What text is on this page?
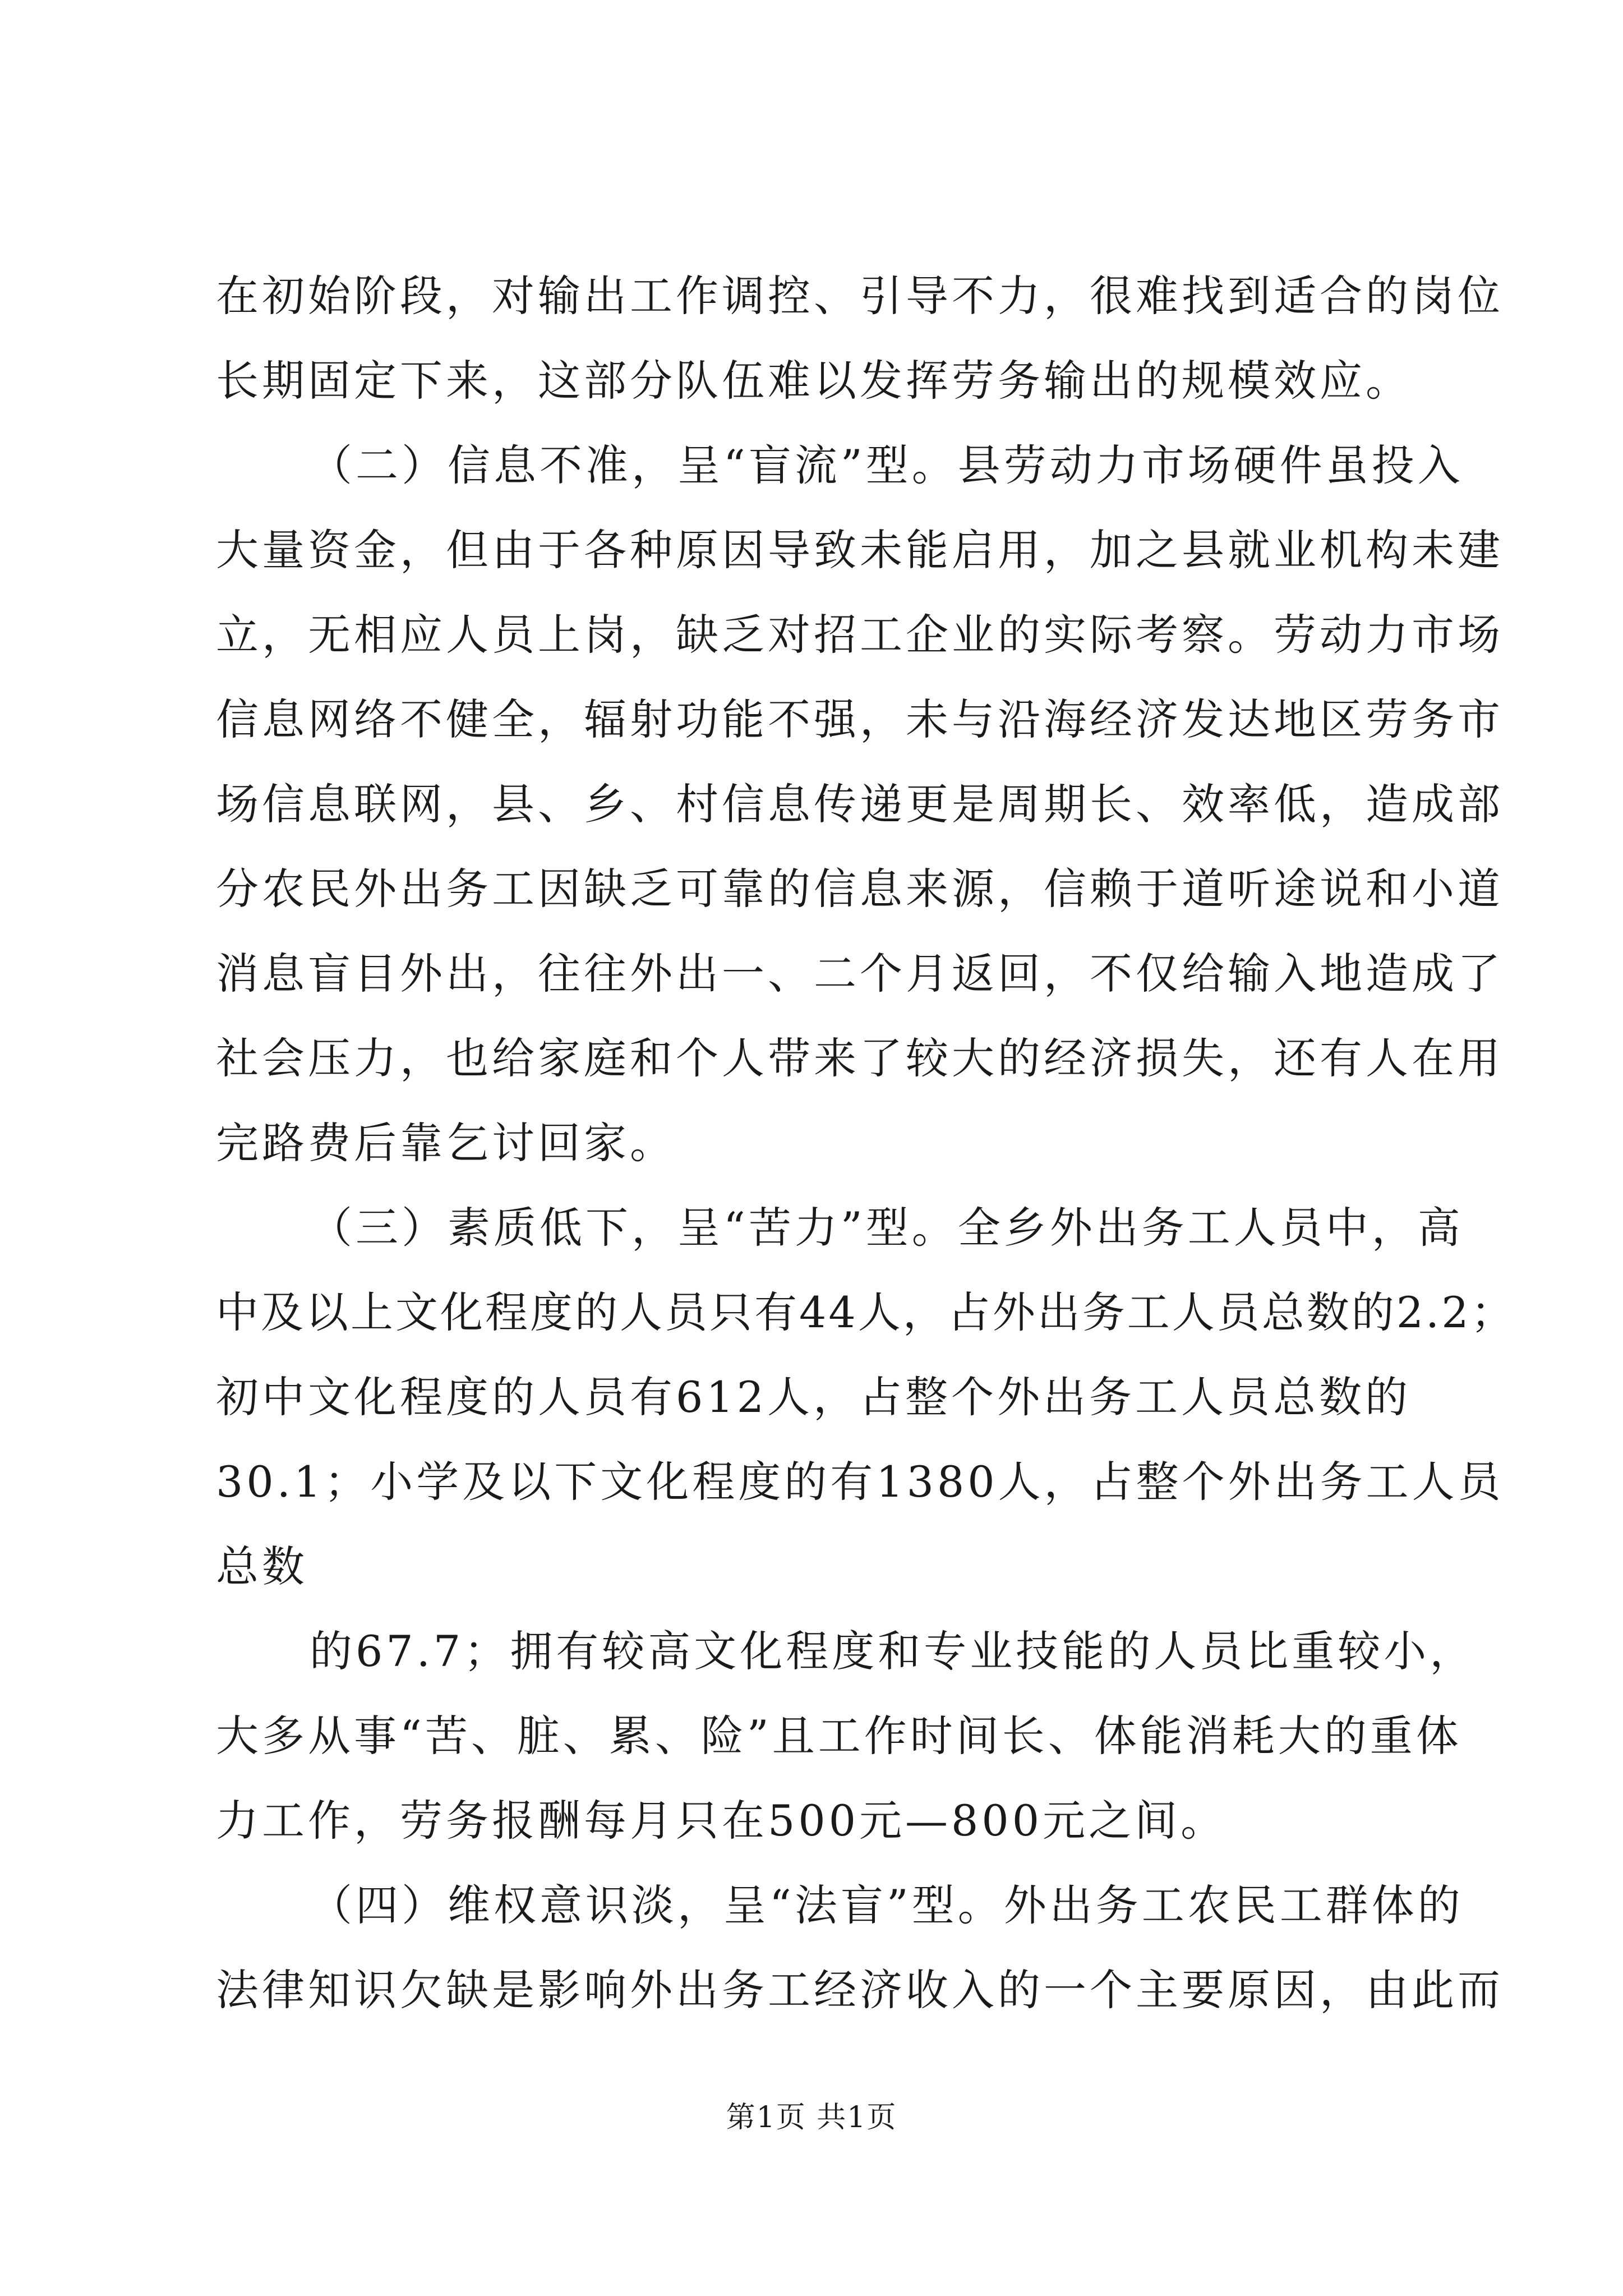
在初始阶段，对输出工作调控、引导不力，很难找到适合的岗位
长期固定下来，这部分队伍难以发挥劳务输出的规模效应。
（二）信息不准，呈“盲流”型。县劳动力市场硬件虽投入
大量资金，但由于各种原因导致未能启用，加之县就业机构未建
立，无相应人员上岗，缺乏对招工企业的实际考察。劳动力市场
信息网络不健全，辐射功能不强，未与沿海经济发达地区劳务市
场信息联网，县、乡、村信息传递更是周期长、效率低，造成部
分农民外出务工因缺乏可靠的信息来源，信赖于道听途说和小道
消息盲目外出，往往外出一、二个月返回，不仅给输入地造成了
社会压力，也给家庭和个人带来了较大的经济损失，还有人在用
完路费后靠乞讨回家。
（三）素质低下，呈“苦力”型。全乡外出务工人员中，高
中及以上文化程度的人员只有44人，占外出务工人员总数的2.2；
初中文化程度的人员有612人，占整个外出务工人员总数的
30.1；小学及以下文化程度的有1380人，占整个外出务工人员
总数
的67.7；拥有较高文化程度和专业技能的人员比重较小，
大多从事“苦、脏、累、险”且工作时间长、体能消耗大的重体
力工作，劳务报酬每月只在500元—800元之间。
第1页 共1页
（四）维权意识淡，呈“法盲”型。外出务工农民工群体的
法律知识欠缺是影响外出务工经济收入的一个主要原因，由此而
